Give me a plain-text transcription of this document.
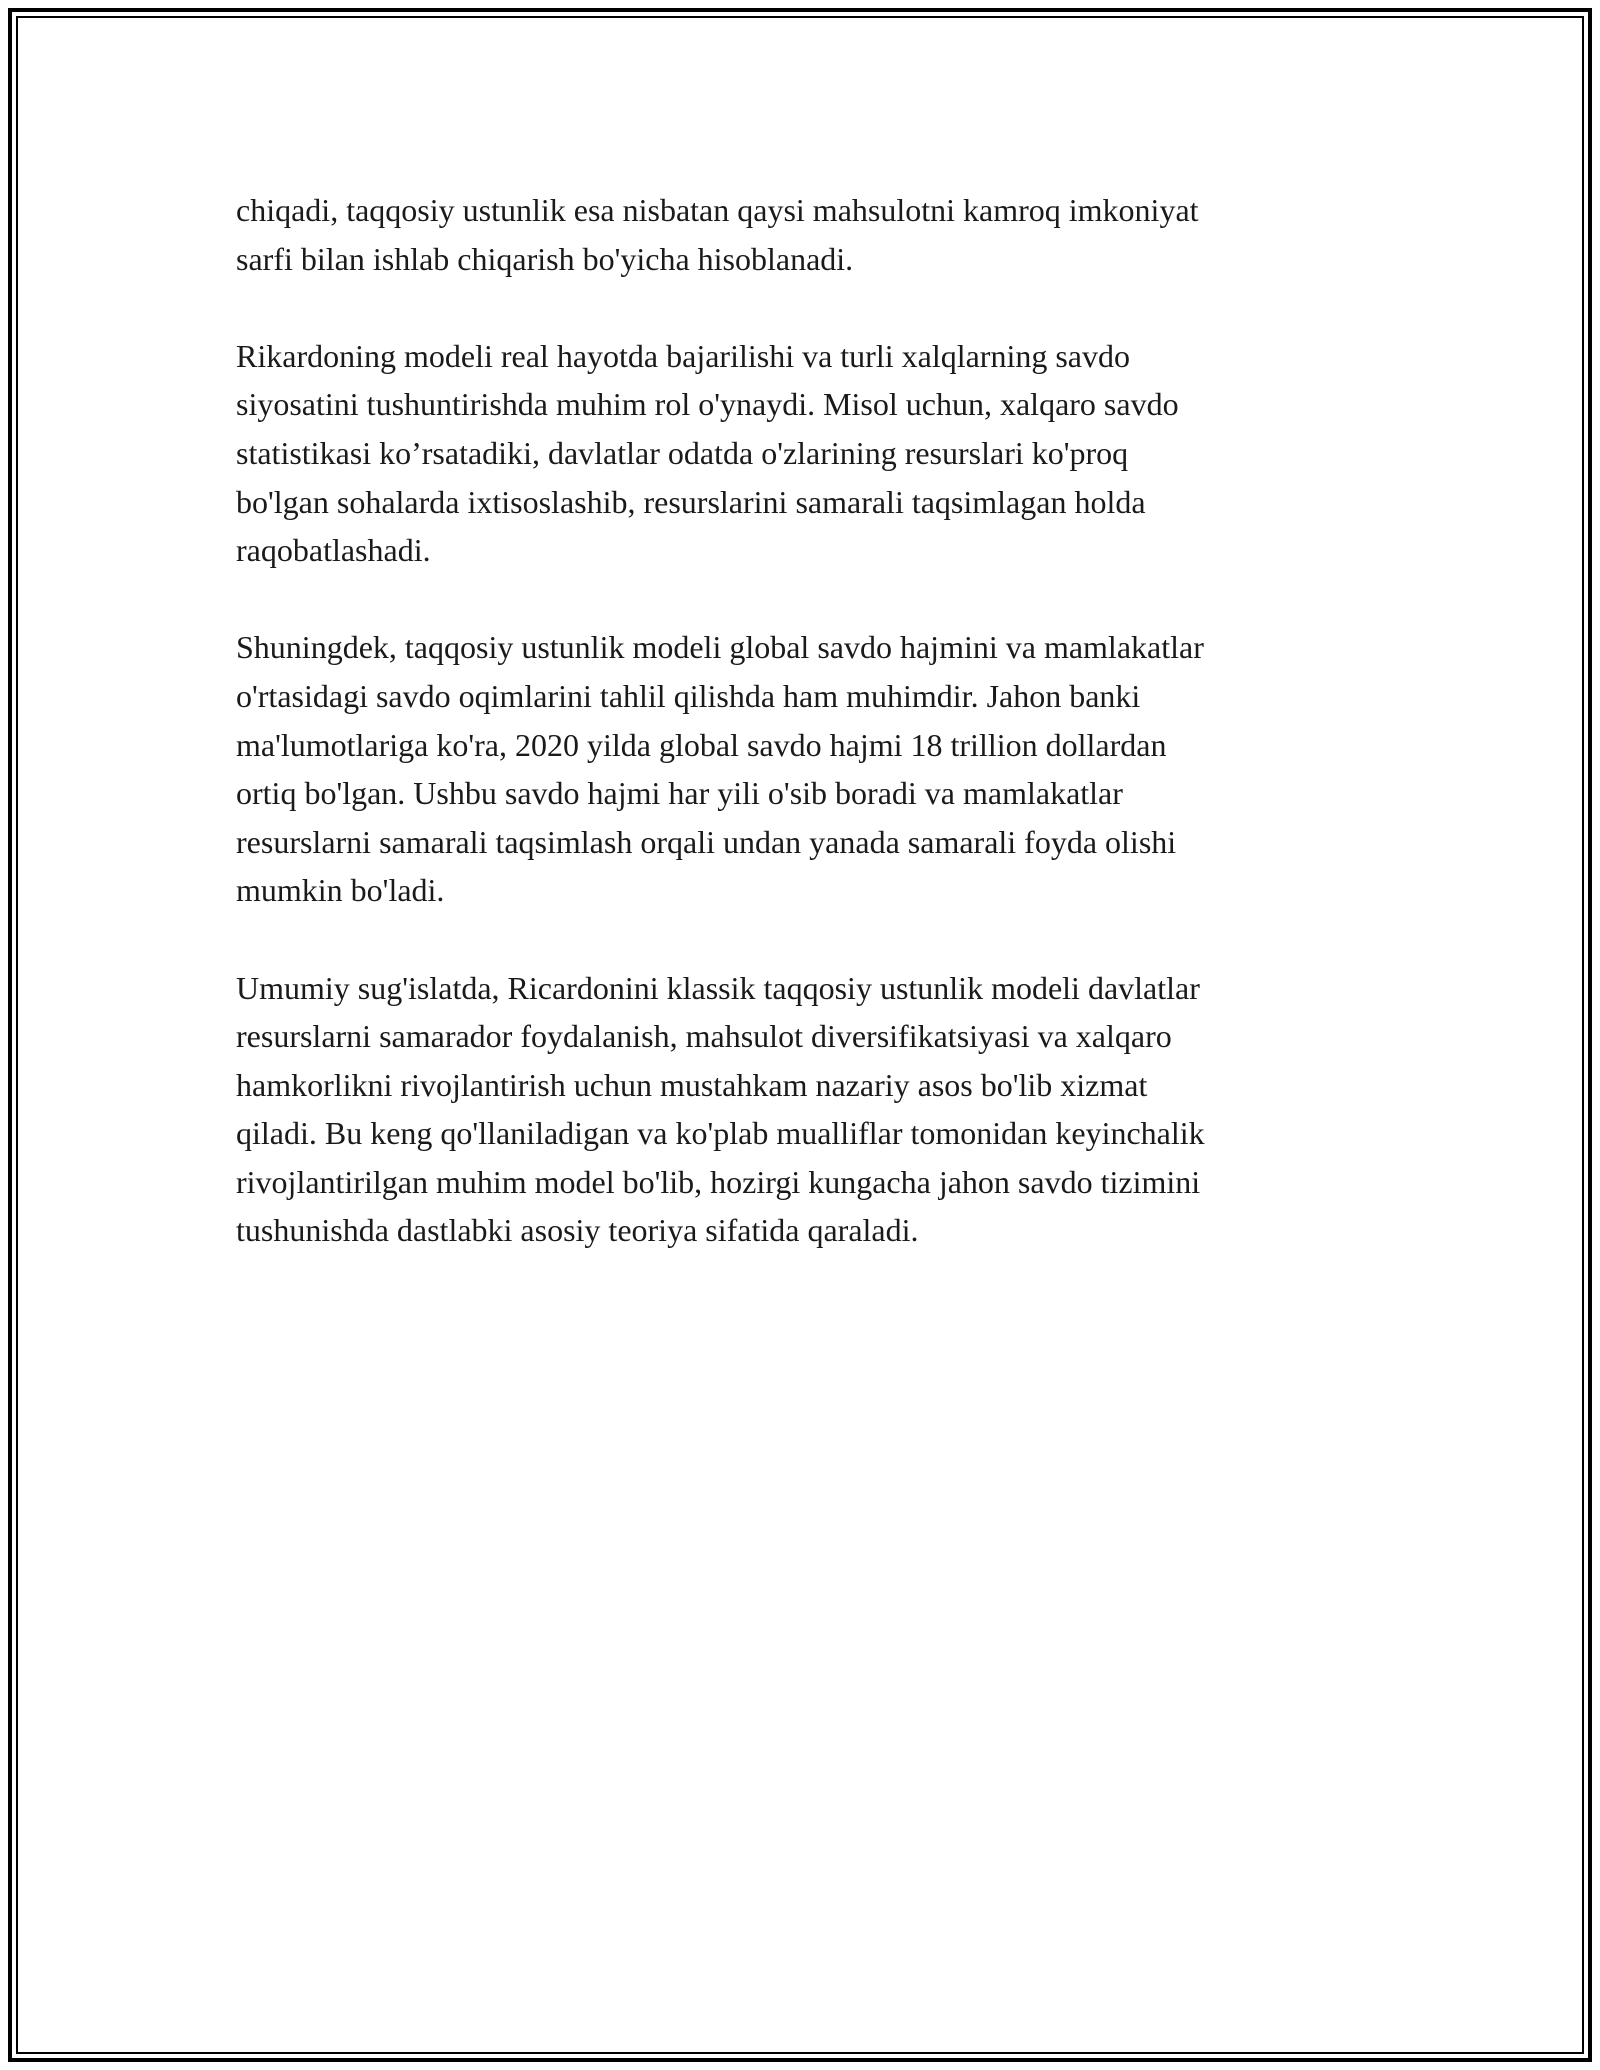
chiqadi, taqqosiy ustunlik esa nisbatan qaysi mahsulotni kamroq imkoniyat
sarfi bilan ishlab chiqarish bo'yicha hisoblanadi.

Rikardoning modeli real hayotda bajarilishi va turli xalqlarning savdo
siyosatini tushuntirishda muhim rol o'ynaydi. Misol uchun, xalqaro savdo
statistikasi ko’rsatadiki, davlatlar odatda o'zlarining resurslari ko'proq
bo'lgan sohalarda ixtisoslashib, resurslarini samarali taqsimlagan holda
raqobatlashadi.

Shuningdek, taqqosiy ustunlik modeli global savdo hajmini va mamlakatlar
o'rtasidagi savdo oqimlarini tahlil qilishda ham muhimdir. Jahon banki
ma'lumotlariga ko'ra, 2020 yilda global savdo hajmi 18 trillion dollardan
ortiq bo'lgan. Ushbu savdo hajmi har yili o'sib boradi va mamlakatlar
resurslarni samarali taqsimlash orqali undan yanada samarali foyda olishi
mumkin bo'ladi.

Umumiy sug'islatda, Ricardonini klassik taqqosiy ustunlik modeli davlatlar
resurslarni samarador foydalanish, mahsulot diversifikatsiyasi va xalqaro
hamkorlikni rivojlantirish uchun mustahkam nazariy asos bo'lib xizmat
qiladi. Bu keng qo'llaniladigan va ko'plab mualliflar tomonidan keyinchalik
rivojlantirilgan muhim model bo'lib, hozirgi kungacha jahon savdo tizimini
tushunishda dastlabki asosiy teoriya sifatida qaraladi.
